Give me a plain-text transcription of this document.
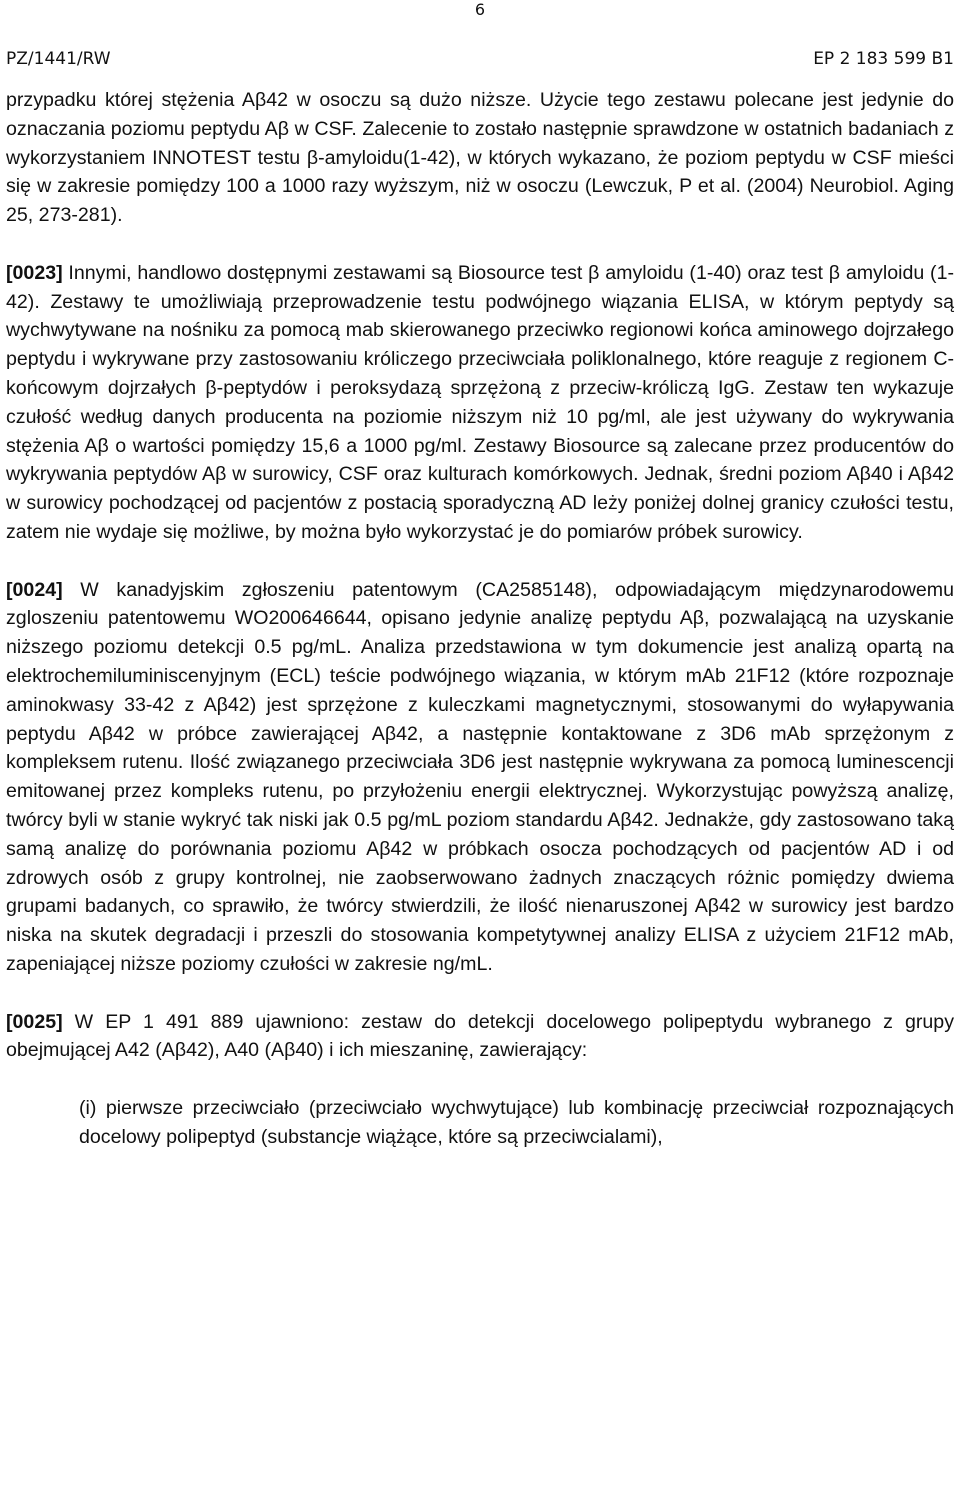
6
PZ/1441/RW	EP 2 183 599 B1

przypadku której stężenia Aβ42 w osoczu są dużo niższe. Użycie tego zestawu polecane jest jedynie do oznaczania poziomu peptydu Aβ w CSF. Zalecenie to zostało następnie sprawdzone w ostatnich badaniach z wykorzystaniem INNOTEST testu β-amyloidu(1-42), w których wykazano, że poziom peptydu w CSF mieści się w zakresie pomiędzy 100 a 1000 razy wyższym, niż w osoczu (Lewczuk, P et al. (2004) Neurobiol. Aging 25, 273-281).

[0023] Innymi, handlowo dostępnymi zestawami są Biosource test β amyloidu (1-40) oraz test β amyloidu (1-42). Zestawy te umożliwiają przeprowadzenie testu podwójnego wiązania ELISA, w którym peptydy są wychwytywane na nośniku za pomocą mab skierowanego przeciwko regionowi końca aminowego dojrzałego peptydu i wykrywane przy zastosowaniu króliczego przeciwciała poliklonalnego, które reaguje z regionem C-końcowym dojrzałych β-peptydów i peroksydazą sprzężoną z przeciw-króliczą IgG. Zestaw ten wykazuje czułość według danych producenta na poziomie niższym niż 10 pg/ml, ale jest używany do wykrywania stężenia Aβ o wartości pomiędzy 15,6 a 1000 pg/ml. Zestawy Biosource są zalecane przez producentów do wykrywania peptydów Aβ w surowicy, CSF oraz kulturach komórkowych. Jednak, średni poziom Aβ40 i Aβ42 w surowicy pochodzącej od pacjentów z postacią sporadyczną AD leży poniżej dolnej granicy czułości testu, zatem nie wydaje się możliwe, by można było wykorzystać je do pomiarów próbek surowicy.

[0024] W kanadyjskim zgłoszeniu patentowym (CA2585148), odpowiadającym międzynarodowemu zgloszeniu patentowemu WO200646644, opisano jedynie analizę peptydu Aβ, pozwalającą na uzyskanie niższego poziomu detekcji 0.5 pg/mL. Analiza przedstawiona w tym dokumencie jest analizą opartą na elektrochemiluminiscenyjnym (ECL) teście podwójnego wiązania, w którym mAb 21F12 (które rozpoznaje aminokwasy 33-42 z Aβ42) jest sprzężone z kuleczkami magnetycznymi, stosowanymi do wyłapywania peptydu Aβ42 w próbce zawierającej Aβ42, a następnie kontaktowane z 3D6 mAb sprzężonym z kompleksem rutenu. Ilość związanego przeciwciała 3D6 jest następnie wykrywana za pomocą luminescencji emitowanej przez kompleks rutenu, po przyłożeniu energii elektrycznej. Wykorzystując powyższą analizę, twórcy byli w stanie wykryć tak niski jak 0.5 pg/mL poziom standardu Aβ42. Jednakże, gdy zastosowano taką samą analizę do porównania poziomu Aβ42 w próbkach osocza pochodzących od pacjentów AD i od zdrowych osób z grupy kontrolnej, nie zaobserwowano żadnych znaczących różnic pomiędzy dwiema grupami badanych, co sprawiło, że twórcy stwierdzili, że ilość nienaruszonej Aβ42 w surowicy jest bardzo niska na skutek degradacji i przeszli do stosowania kompetytywnej analizy ELISA z użyciem 21F12 mAb, zapeniającej niższe poziomy czułości w zakresie ng/mL.

[0025] W EP 1 491 889 ujawniono: zestaw do detekcji docelowego polipeptydu wybranego z grupy obejmującej A42 (Aβ42), A40 (Aβ40) i ich mieszaninę, zawierający:

(i) pierwsze przeciwciało (przeciwciało wychwytujące) lub kombinację przeciwciał rozpoznających docelowy polipeptyd (substancje wiążące, które są przeciwcialami),
